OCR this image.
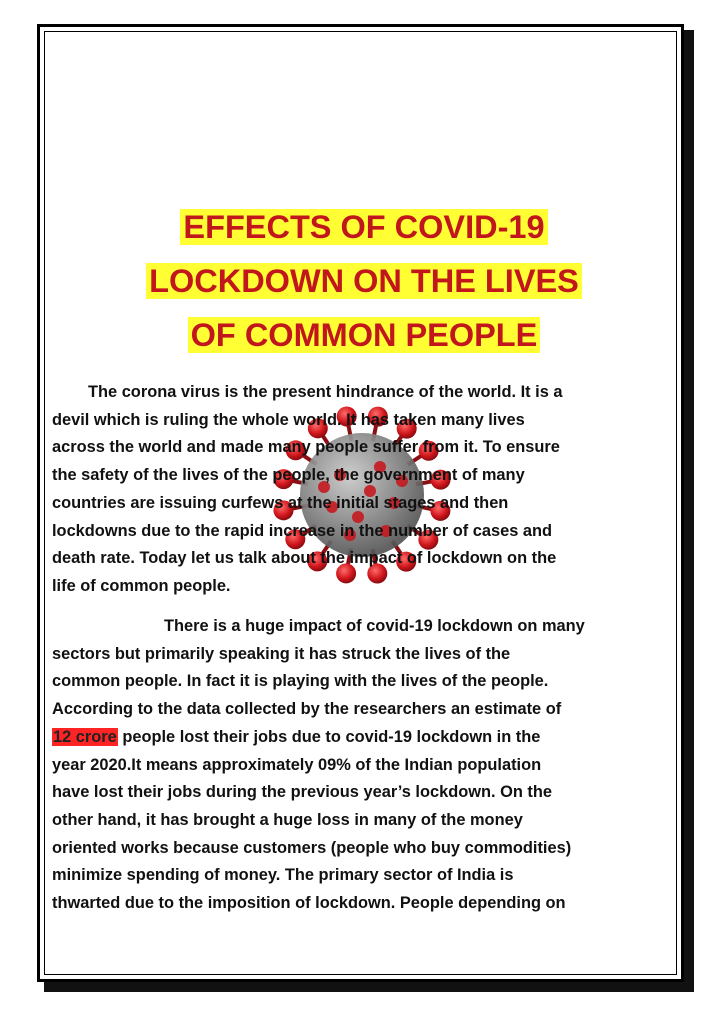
EFFECTS OF COVID-19
LOCKDOWN ON THE LIVES
OF COMMON PEOPLE

The corona virus is the present hindrance of the world. It is a
devil which is ruling the whole world. It has taken many lives
across the world and made many people suffer from it. To ensure
the safety of the lives of the people, the government of many
countries are issuing curfews at the initial stages and then
lockdowns due to the rapid increase in the number of cases and
death rate. Today let us talk about the impact of lockdown on the
life of common people.

There is a huge impact of covid-19 lockdown on many
sectors but primarily speaking it has struck the lives of the
common people. In fact it is playing with the lives of the people.
According to the data collected by the researchers an estimate of
12 crore people lost their jobs due to covid-19 lockdown in the
year 2020.It means approximately 09% of the Indian population
have lost their jobs during the previous year’s lockdown. On the
other hand, it has brought a huge loss in many of the money
oriented works because customers (people who buy commodities)
minimize spending of money. The primary sector of India is
thwarted due to the imposition of lockdown. People depending on
